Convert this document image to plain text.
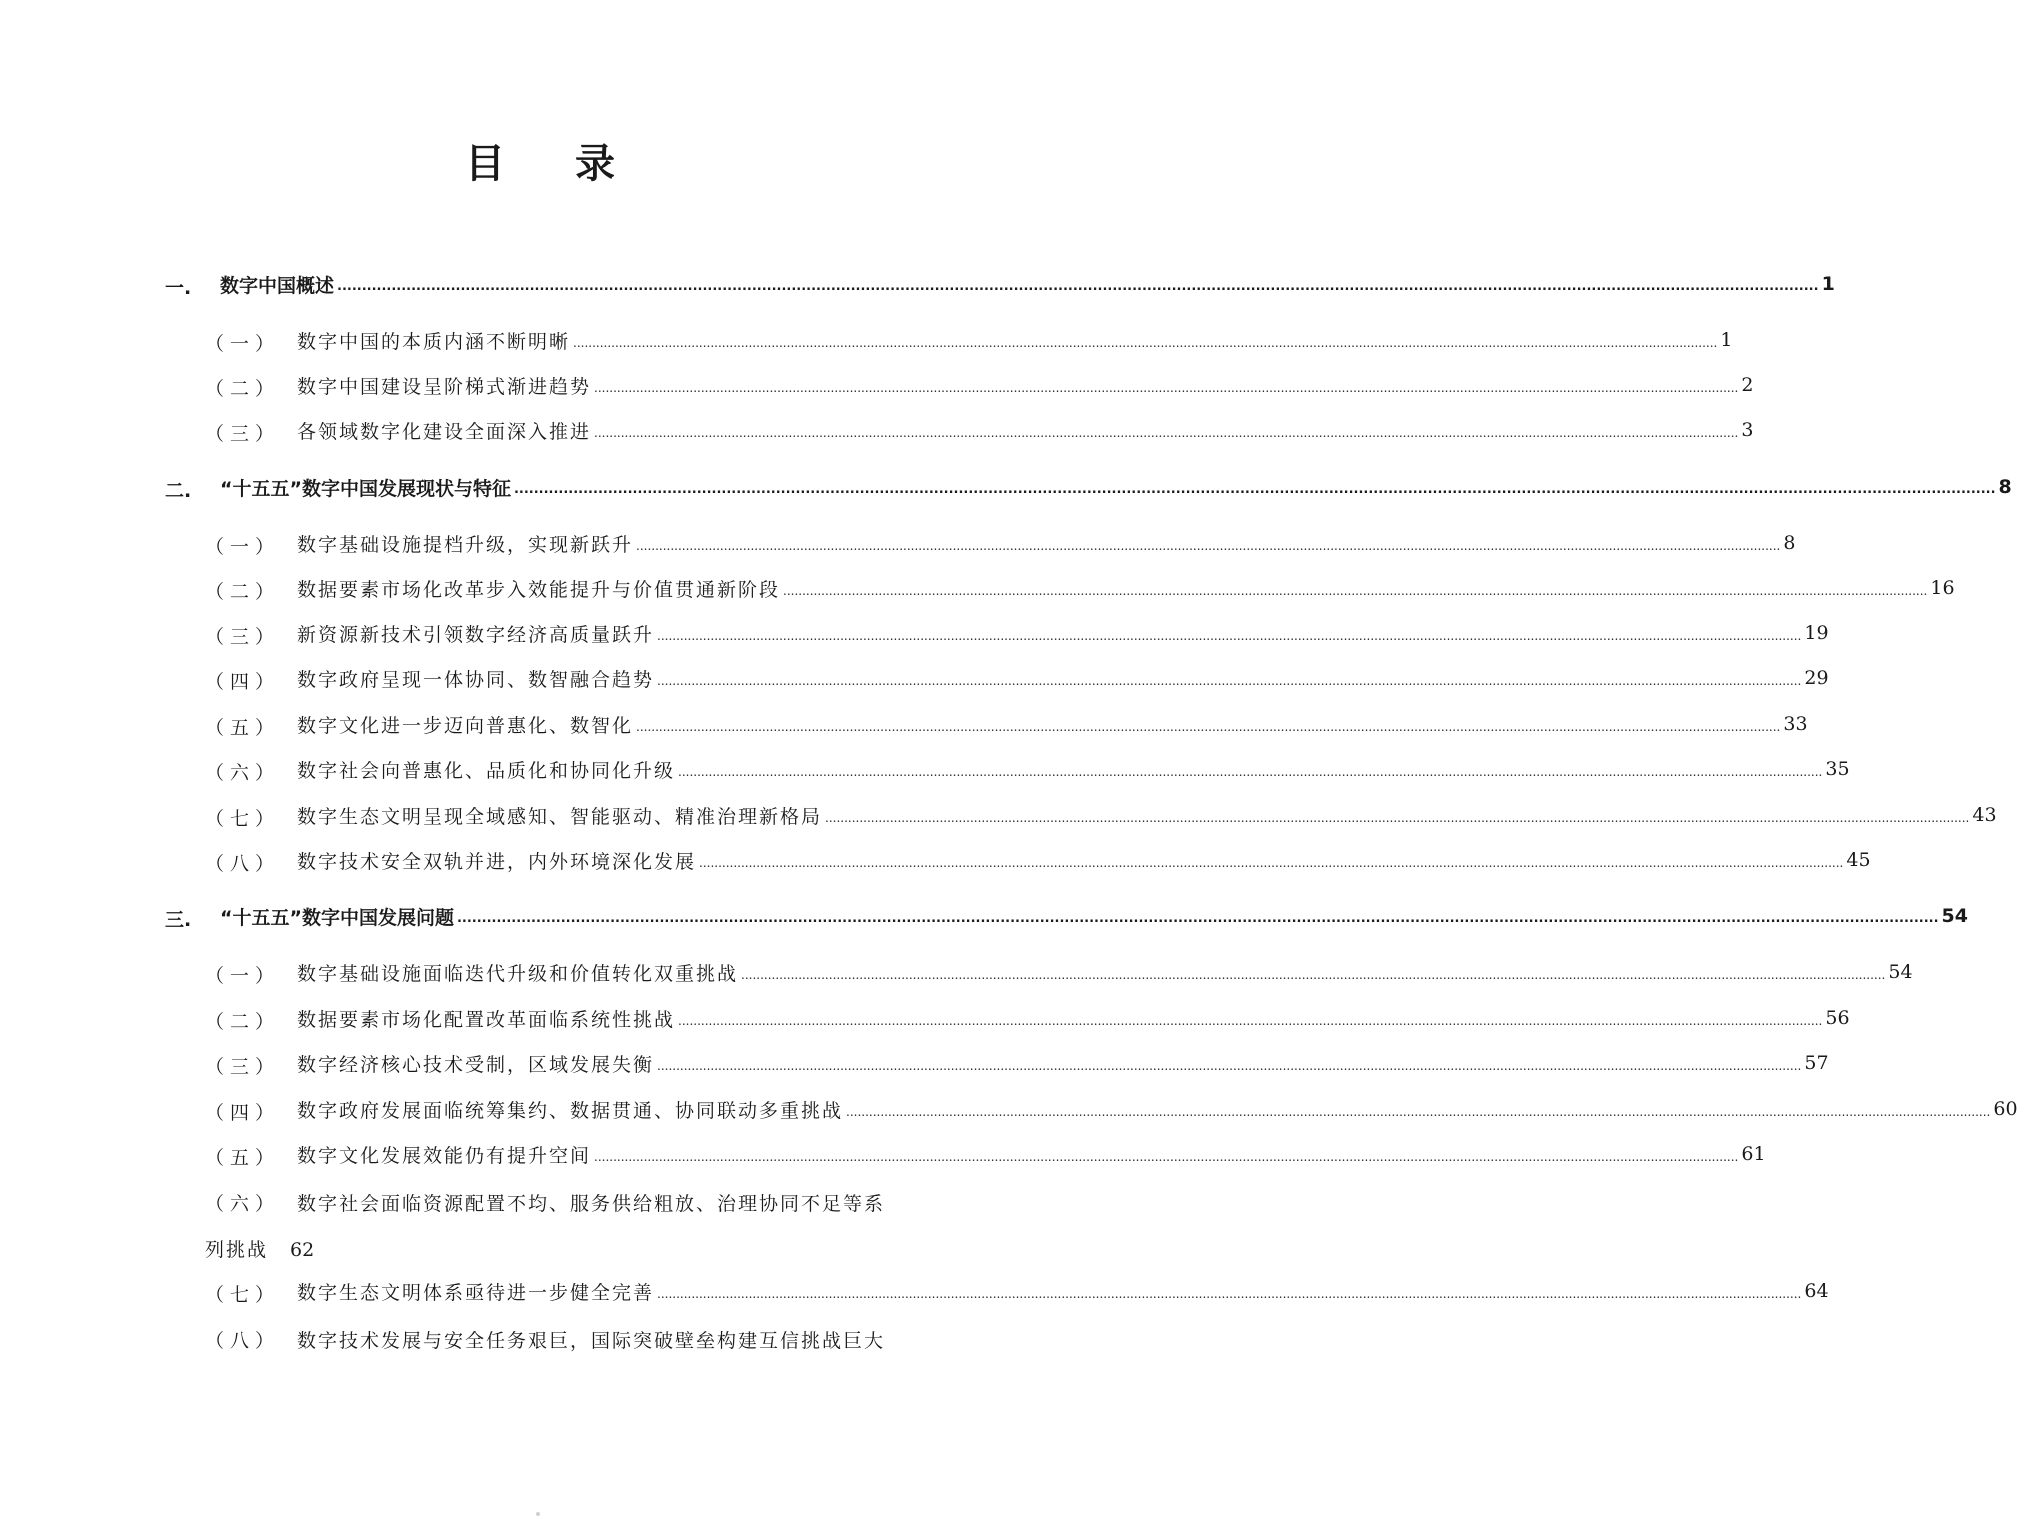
目 录
一. 数字中国概述 ............................................................................................................................................................................................................................................................................................................ 1
（一） 数字中国的本质内涵不断明晰 ............................................................................................................................................................................................................................................................................................................ 1
（二） 数字中国建设呈阶梯式渐进趋势 ............................................................................................................................................................................................................................................................................................................ 2
（三） 各领域数字化建设全面深入推进 ............................................................................................................................................................................................................................................................................................................ 3
二. “十五五”数字中国发展现状与特征 ............................................................................................................................................................................................................................................................................................................ 8
（一） 数字基础设施提档升级，实现新跃升 ............................................................................................................................................................................................................................................................................................................ 8
（二） 数据要素市场化改革步入效能提升与价值贯通新阶段 ............................................................................................................................................................................................................................................................................................................ 16
（三） 新资源新技术引领数字经济高质量跃升 ............................................................................................................................................................................................................................................................................................................ 19
（四） 数字政府呈现一体协同、数智融合趋势 ............................................................................................................................................................................................................................................................................................................ 29
（五） 数字文化进一步迈向普惠化、数智化 ............................................................................................................................................................................................................................................................................................................ 33
（六） 数字社会向普惠化、品质化和协同化升级 ............................................................................................................................................................................................................................................................................................................ 35
（七） 数字生态文明呈现全域感知、智能驱动、精准治理新格局 ............................................................................................................................................................................................................................................................................................................ 43
（八） 数字技术安全双轨并进，内外环境深化发展 ............................................................................................................................................................................................................................................................................................................ 45
三. “十五五”数字中国发展问题 ............................................................................................................................................................................................................................................................................................................ 54
（一） 数字基础设施面临迭代升级和价值转化双重挑战 ............................................................................................................................................................................................................................................................................................................ 54
（二） 数据要素市场化配置改革面临系统性挑战 ............................................................................................................................................................................................................................................................................................................ 56
（三） 数字经济核心技术受制，区域发展失衡 ............................................................................................................................................................................................................................................................................................................ 57
（四） 数字政府发展面临统筹集约、数据贯通、协同联动多重挑战 ............................................................................................................................................................................................................................................................................................................ 60
（五） 数字文化发展效能仍有提升空间 ............................................................................................................................................................................................................................................................................................................ 61
（六） 数字社会面临资源配置不均、服务供给粗放、治理协同不足等系
列挑战 62
（七） 数字生态文明体系亟待进一步健全完善 ............................................................................................................................................................................................................................................................................................................ 64
（八） 数字技术发展与安全任务艰巨，国际突破壁垒构建互信挑战巨大
